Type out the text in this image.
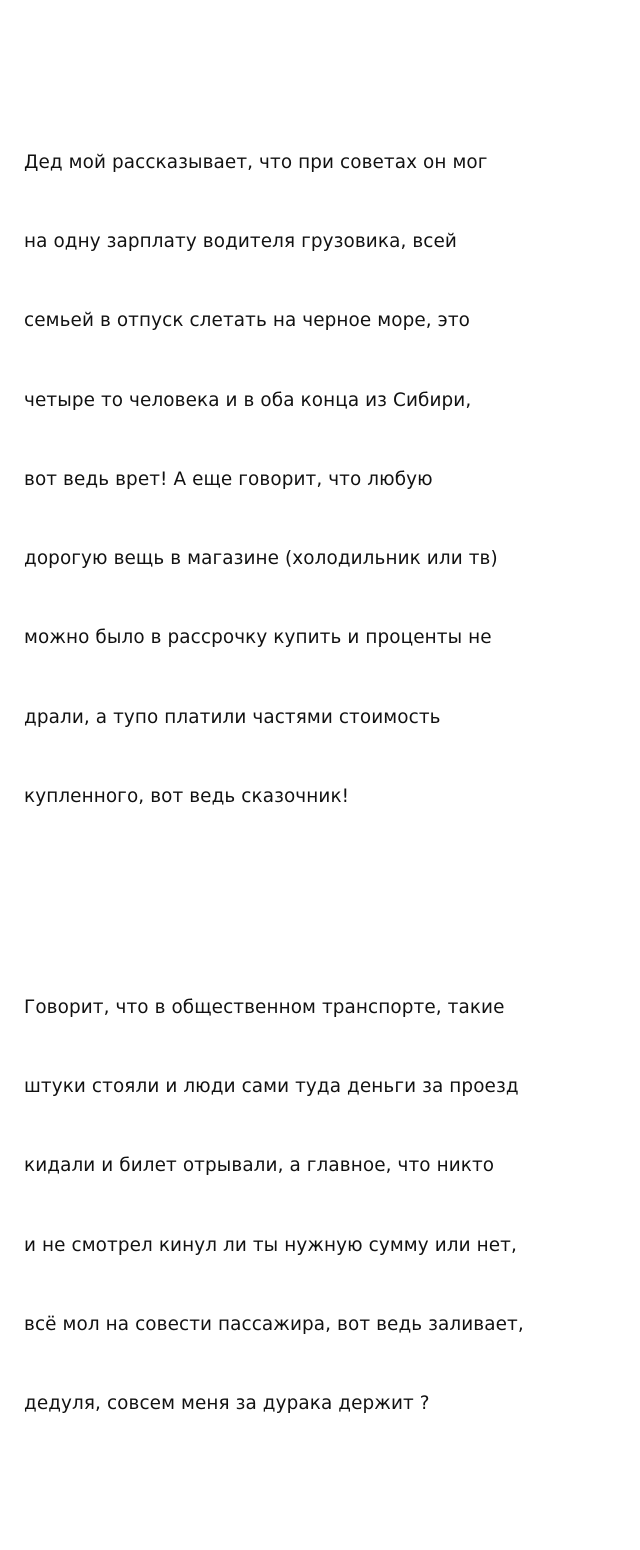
Дед мой рассказывает, что при советах он мог

на одну зарплату водителя грузовика, всей

семьей в отпуск слетать на черное море, это

четыре то человека и в оба конца из Сибири,

вот ведь врет! А еще говорит, что любую

дорогую вещь в магазине (холодильник или тв)

можно было в рассрочку купить и проценты не

драли, а тупо платили частями стоимость

купленного, вот ведь сказочник!

Говорит, что в общественном транспорте, такие

штуки стояли и люди сами туда деньги за проезд

кидали и билет отрывали, а главное, что никто

и не смотрел кинул ли ты нужную сумму или нет,

всё мол на совести пассажира, вот ведь заливает,

дедуля, совсем меня за дурака держит ?
